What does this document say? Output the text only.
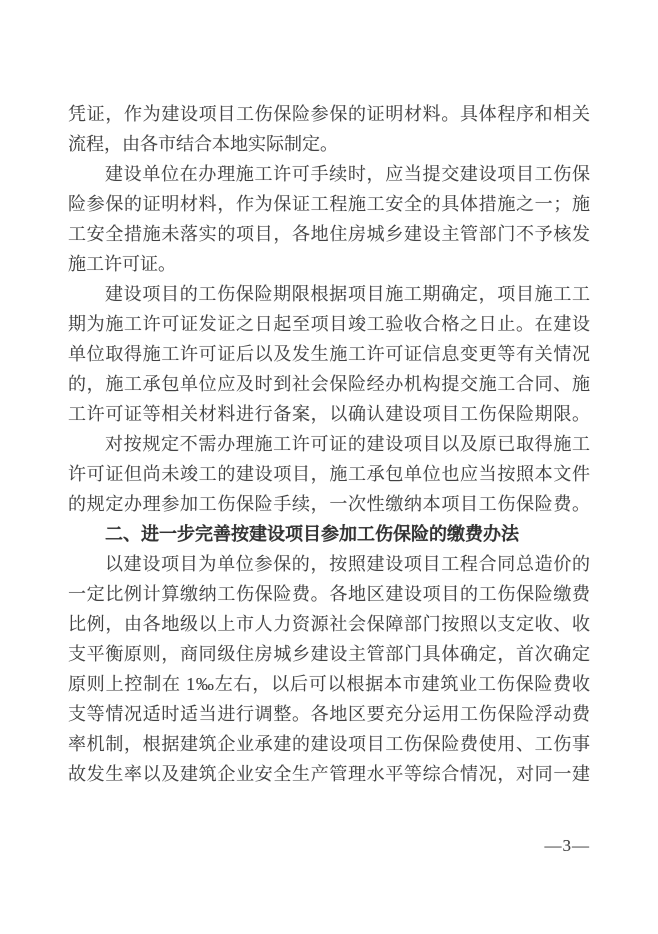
凭证，作为建设项目工伤保险参保的证明材料。具体程序和相关
流程，由各市结合本地实际制定。
建设单位在办理施工许可手续时，应当提交建设项目工伤保
险参保的证明材料，作为保证工程施工安全的具体措施之一；施
工安全措施未落实的项目，各地住房城乡建设主管部门不予核发
施工许可证。
建设项目的工伤保险期限根据项目施工期确定，项目施工工
期为施工许可证发证之日起至项目竣工验收合格之日止。在建设
单位取得施工许可证后以及发生施工许可证信息变更等有关情况
的，施工承包单位应及时到社会保险经办机构提交施工合同、施
工许可证等相关材料进行备案，以确认建设项目工伤保险期限。
对按规定不需办理施工许可证的建设项目以及原已取得施工
许可证但尚未竣工的建设项目，施工承包单位也应当按照本文件
的规定办理参加工伤保险手续，一次性缴纳本项目工伤保险费。
二、进一步完善按建设项目参加工伤保险的缴费办法
以建设项目为单位参保的，按照建设项目工程合同总造价的
一定比例计算缴纳工伤保险费。各地区建设项目的工伤保险缴费
比例，由各地级以上市人力资源社会保障部门按照以支定收、收
支平衡原则，商同级住房城乡建设主管部门具体确定，首次确定
原则上控制在 1‰左右，以后可以根据本市建筑业工伤保险费收
支等情况适时适当进行调整。各地区要充分运用工伤保险浮动费
率机制，根据建筑企业承建的建设项目工伤保险费使用、工伤事
故发生率以及建筑企业安全生产管理水平等综合情况，对同一建
—3—
